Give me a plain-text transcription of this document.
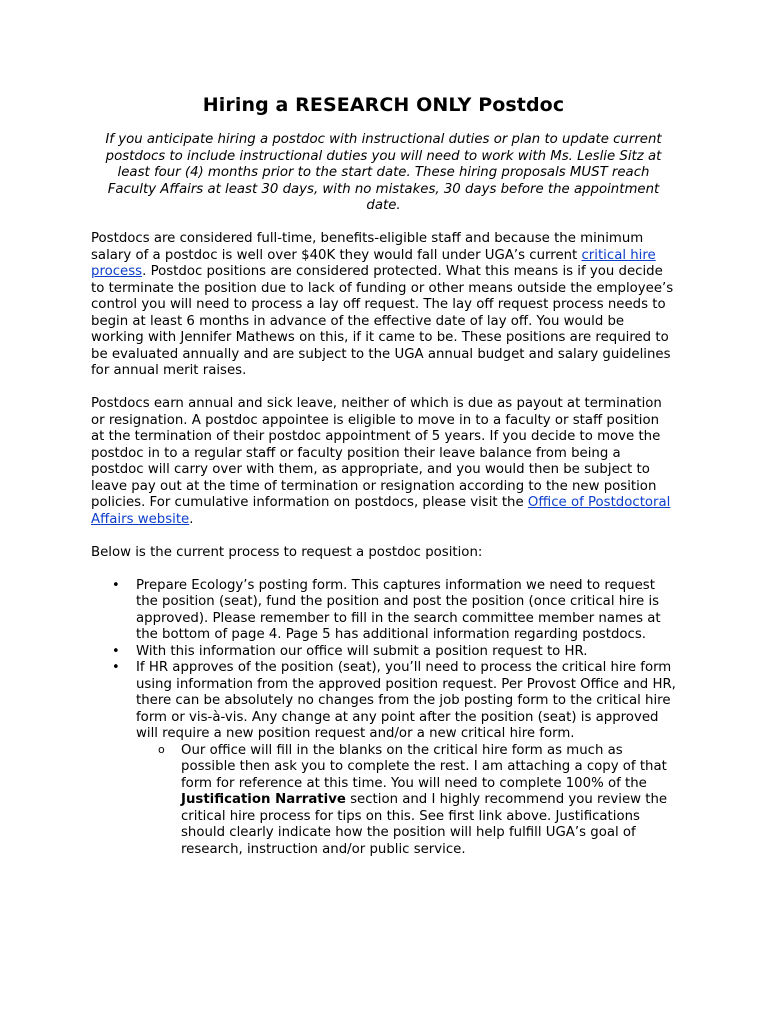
Hiring a RESEARCH ONLY Postdoc

If you anticipate hiring a postdoc with instructional duties or plan to update current postdocs to include instructional duties you will need to work with Ms. Leslie Sitz at least four (4) months prior to the start date. These hiring proposals MUST reach Faculty Affairs at least 30 days, with no mistakes, 30 days before the appointment date.

Postdocs are considered full-time, benefits-eligible staff and because the minimum salary of a postdoc is well over $40K they would fall under UGA’s current critical hire process. Postdoc positions are considered protected. What this means is if you decide to terminate the position due to lack of funding or other means outside the employee’s control you will need to process a lay off request. The lay off request process needs to begin at least 6 months in advance of the effective date of lay off. You would be working with Jennifer Mathews on this, if it came to be. These positions are required to be evaluated annually and are subject to the UGA annual budget and salary guidelines for annual merit raises.

Postdocs earn annual and sick leave, neither of which is due as payout at termination or resignation. A postdoc appointee is eligible to move in to a faculty or staff position at the termination of their postdoc appointment of 5 years. If you decide to move the postdoc in to a regular staff or faculty position their leave balance from being a postdoc will carry over with them, as appropriate, and you would then be subject to leave pay out at the time of termination or resignation according to the new position policies. For cumulative information on postdocs, please visit the Office of Postdoctoral Affairs website.

Below is the current process to request a postdoc position:

• Prepare Ecology’s posting form. This captures information we need to request the position (seat), fund the position and post the position (once critical hire is approved). Please remember to fill in the search committee member names at the bottom of page 4. Page 5 has additional information regarding postdocs.
• With this information our office will submit a position request to HR.
• If HR approves of the position (seat), you’ll need to process the critical hire form using information from the approved position request. Per Provost Office and HR, there can be absolutely no changes from the job posting form to the critical hire form or vis-à-vis. Any change at any point after the position (seat) is approved will require a new position request and/or a new critical hire form.
o Our office will fill in the blanks on the critical hire form as much as possible then ask you to complete the rest. I am attaching a copy of that form for reference at this time. You will need to complete 100% of the Justification Narrative section and I highly recommend you review the critical hire process for tips on this. See first link above. Justifications should clearly indicate how the position will help fulfill UGA’s goal of research, instruction and/or public service.
